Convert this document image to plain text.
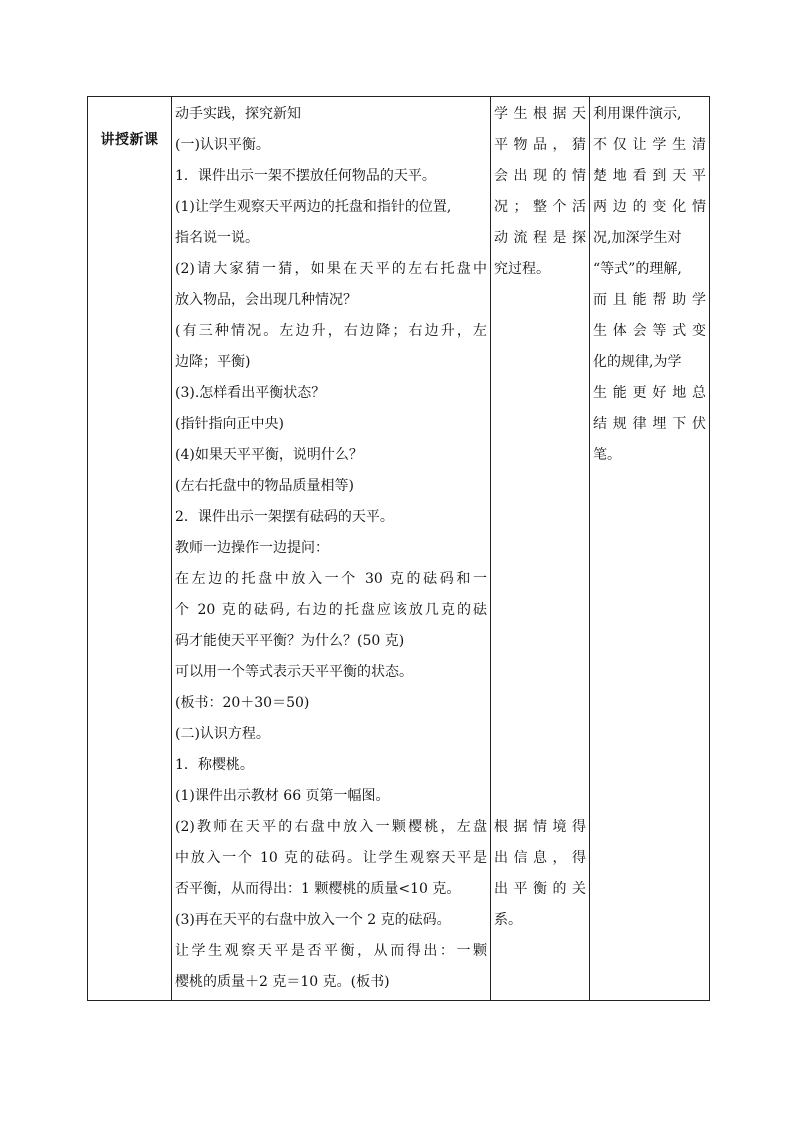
讲授新课

动手实践，探究新知
(一)认识平衡。
1．课件出示一架不摆放任何物品的天平。
(1)让学生观察天平两边的托盘和指针的位置,
指名说一说。
(2)请大家猜一猜，如果在天平的左右托盘中
放入物品，会出现几种情况？
(有三种情况。左边升，右边降；右边升，左
边降；平衡)
(3).怎样看出平衡状态？
(指针指向正中央)
(4)如果天平平衡，说明什么？
(左右托盘中的物品质量相等)
2．课件出示一架摆有砝码的天平。
教师一边操作一边提问：
在左边的托盘中放入一个 30 克的砝码和一
个 20 克的砝码, 右边的托盘应该放几克的砝
码才能使天平平衡？为什么？(50 克)
可以用一个等式表示天平平衡的状态。
(板书：20＋30＝50)
(二)认识方程。
1．称樱桃。
(1)课件出示教材 66 页第一幅图。
(2)教师在天平的右盘中放入一颗樱桃，左盘
中放入一个 10 克的砝码。让学生观察天平是
否平衡，从而得出：1 颗樱桃的质量<10 克。
(3)再在天平的右盘中放入一个 2 克的砝码。
让学生观察天平是否平衡，从而得出：一颗
樱桃的质量＋2 克＝10 克。(板书)

学生根据天
平物品，猜
会出现的情
况；整个活
动流程是探
究过程。
根据情境得
出信息，得
出平衡的关
系。

利用课件演示,
不仅让学生清
楚地看到天平
两边的变化情
况,加深学生对
“等式”的理解,
而且能帮助学
生体会等式变
化的规律,为学
生能更好地总
结规律埋下伏
笔。
